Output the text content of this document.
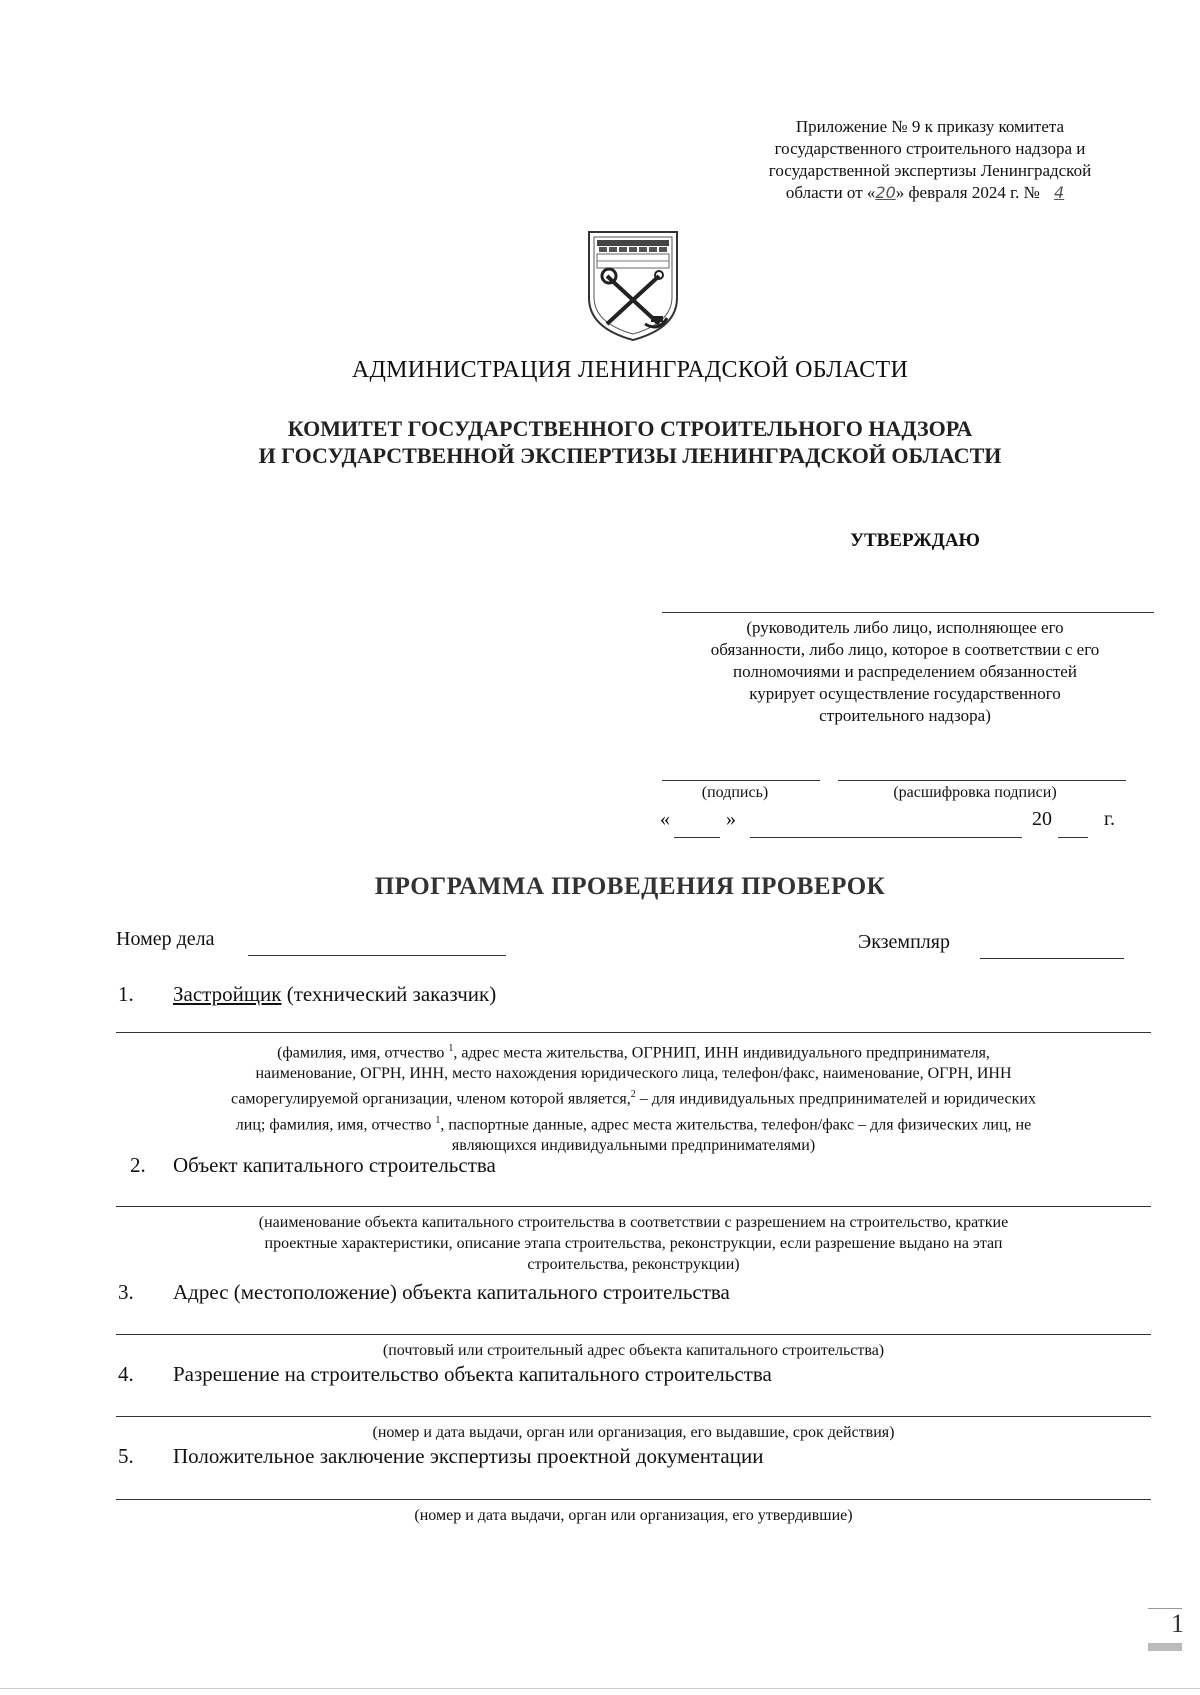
Приложение № 9 к приказу комитета
государственного строительного надзора и
государственной экспертизы Ленинградской
области от «20» февраля 2024 г. № 4
АДМИНИСТРАЦИЯ ЛЕНИНГРАДСКОЙ ОБЛАСТИ
КОМИТЕТ ГОСУДАРСТВЕННОГО СТРОИТЕЛЬНОГО НАДЗОРА
И ГОСУДАРСТВЕННОЙ ЭКСПЕРТИЗЫ ЛЕНИНГРАДСКОЙ ОБЛАСТИ
УТВЕРЖДАЮ
(руководитель либо лицо, исполняющее его
обязанности, либо лицо, которое в соответствии с его
полномочиями и распределением обязанностей
курирует осуществление государственного
строительного надзора)
(подпись)	(расшифровка подписи)
«	»	20	г.
ПРОГРАММА ПРОВЕДЕНИЯ ПРОВЕРОК
Номер дела	Экземпляр
1. Застройщик (технический заказчик)
(фамилия, имя, отчество $^1$, адрес места жительства, ОГРНИП, ИНН индивидуального предпринимателя,
наименование, ОГРН, ИНН, место нахождения юридического лица, телефон/факс, наименование, ОГРН, ИНН
саморегулируемой организации, членом которой является,$^2$ – для индивидуальных предпринимателей и юридических
лиц; фамилия, имя, отчество $^1$, паспортные данные, адрес места жительства, телефон/факс – для физических лиц, не
являющихся индивидуальными предпринимателями)
2. Объект капитального строительства
(наименование объекта капитального строительства в соответствии с разрешением на строительство, краткие
проектные характеристики, описание этапа строительства, реконструкции, если разрешение выдано на этап
строительства, реконструкции)
3. Адрес (местоположение) объекта капитального строительства
(почтовый или строительный адрес объекта капитального строительства)
4. Разрешение на строительство объекта капитального строительства
(номер и дата выдачи, орган или организация, его выдавшие, срок действия)
5. Положительное заключение экспертизы проектной документации
(номер и дата выдачи, орган или организация, его утвердившие)
1
